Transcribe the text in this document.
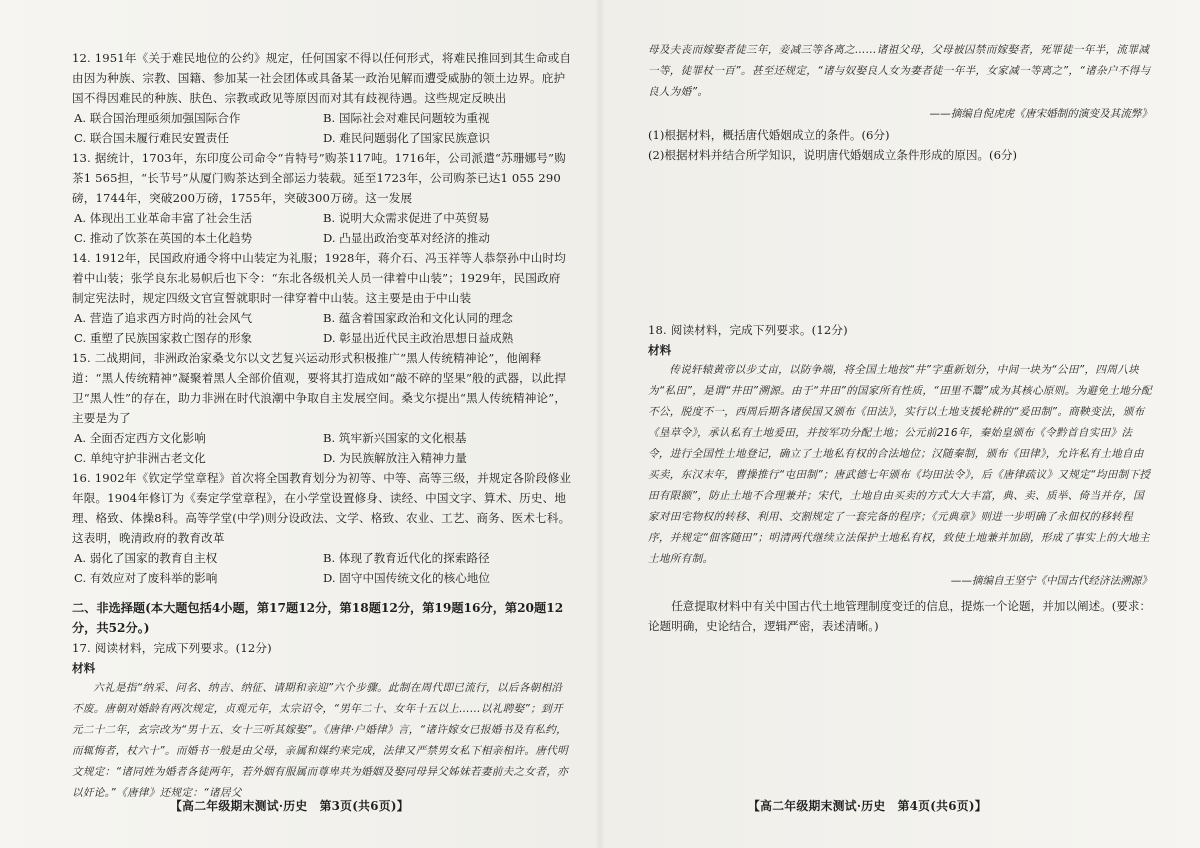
12. 1951年《关于难民地位的公约》规定，任何国家不得以任何形式，将难民推回到其生命或自由因为种族、宗教、国籍、参加某一社会团体或具备某一政治见解而遭受威胁的领土边界。庇护国不得因难民的种族、肤色、宗教或政见等原因而对其有歧视待遇。这些规定反映出
A. 联合国治理亟须加强国际合作	B. 国际社会对难民问题较为重视
C. 联合国未履行难民安置责任	D. 难民问题弱化了国家民族意识
13. 据统计，1703年，东印度公司命令“肯特号”购茶117吨。1716年，公司派遣“苏珊娜号”购茶1 565担，“长节号”从厦门购茶达到全部运力装载。延至1723年，公司购茶已达1 055 290磅，1744年，突破200万磅，1755年，突破300万磅。这一发展
A. 体现出工业革命丰富了社会生活	B. 说明大众需求促进了中英贸易
C. 推动了饮茶在英国的本土化趋势	D. 凸显出政治变革对经济的推动
14. 1912年，民国政府通令将中山装定为礼服；1928年，蒋介石、冯玉祥等人恭祭孙中山时均着中山装；张学良东北易帜后也下令：“东北各级机关人员一律着中山装”；1929年，民国政府制定宪法时，规定四级文官宣誓就职时一律穿着中山装。这主要是由于中山装
A. 营造了追求西方时尚的社会风气	B. 蕴含着国家政治和文化认同的理念
C. 重塑了民族国家救亡图存的形象	D. 彰显出近代民主政治思想日益成熟
15. 二战期间，非洲政治家桑戈尔以文艺复兴运动形式积极推广“黑人传统精神论”，他阐释道：“黑人传统精神”凝聚着黑人全部价值观，要将其打造成如“敲不碎的坚果”般的武器，以此捍卫“黑人性”的存在，助力非洲在时代浪潮中争取自主发展空间。桑戈尔提出“黑人传统精神论”，主要是为了
A. 全面否定西方文化影响	B. 筑牢新兴国家的文化根基
C. 单纯守护非洲古老文化	D. 为民族解放注入精神力量
16. 1902年《钦定学堂章程》首次将全国教育划分为初等、中等、高等三级，并规定各阶段修业年限。1904年修订为《奏定学堂章程》，在小学堂设置修身、读经、中国文字、算术、历史、地理、格致、体操8科。高等学堂(中学)则分设政法、文学、格致、农业、工艺、商务、医术七科。这表明，晚清政府的教育改革
A. 弱化了国家的教育自主权	B. 体现了教育近代化的探索路径
C. 有效应对了废科举的影响	D. 固守中国传统文化的核心地位
二、非选择题(本大题包括4小题，第17题12分，第18题12分，第19题16分，第20题12分，共52分。)
17. 阅读材料，完成下列要求。(12分)
材料
六礼是指“纳采、问名、纳吉、纳征、请期和亲迎”六个步骤。此制在周代即已流行，以后各朝相沿不废。唐朝对婚龄有两次规定，贞观元年，太宗诏令，“男年二十、女年十五以上……以礼聘娶”；到开元二十二年，玄宗改为“男十五、女十三听其嫁娶”。《唐律·户婚律》言，“诸许嫁女已报婚书及有私约，而辄悔者，杖六十”。而婚书一般是由父母，亲属和媒约来完成，法律又严禁男女私下相亲相许。唐代明文规定：“诸同姓为婚者各徒两年，若外姻有服属而尊卑共为婚姻及娶同母异父姊妹若妻前夫之女者，亦以奸论。”《唐律》还规定：“诸居父
【高二年级期末测试·历史　第3页(共6页)】
母及夫丧而嫁娶者徒三年，妾减三等各离之……诸祖父母，父母被囚禁而嫁娶者，死罪徒一年半，流罪减一等，徒罪杖一百”。甚至还规定，“诸与奴娶良人女为妻者徒一年半，女家减一等离之”，“诸杂户不得与良人为婚”。
——摘编自倪虎虎《唐宋婚制的演变及其流弊》
(1)根据材料，概括唐代婚姻成立的条件。(6分)
(2)根据材料并结合所学知识，说明唐代婚姻成立条件形成的原因。(6分)
18. 阅读材料，完成下列要求。(12分)
材料
传说轩辕黄帝以步丈亩，以防争端，将全国土地按“井”字重新划分，中间一块为“公田”，四周八块为“私田”，是谓“井田”溯源。由于“井田”的国家所有性质，“田里不鬻”成为其核心原则。为避免土地分配不公，脱度不一，西周后期各诸侯国又颁布《田法》，实行以土地支援轮耕的“爰田制”。商鞅变法，颁布《垦草令》，承认私有土地爰田，并按军功分配土地；公元前216年，秦始皇颁布《令黔首自实田》法令，进行全国性土地登记，确立了土地私有权的合法地位；汉随秦制，颁布《田律》，允许私有土地自由买卖，东汉末年，曹操推行“屯田制”；唐武德七年颁布《均田法令》，后《唐律疏议》又规定“均田制下授田有限额”，防止土地不合理兼并；宋代，土地自由买卖的方式大大丰富，典、卖、质举、倚当并存，国家对田宅物权的转移、利用、交割规定了一套完备的程序；《元典章》则进一步明确了永佃权的移转程序，并规定“佃客随田”；明清两代继续立法保护土地私有权，致使土地兼并加剧，形成了事实上的大地主土地所有制。
——摘编自王坚宁《中国古代经济法溯源》
任意提取材料中有关中国古代土地管理制度变迁的信息，提炼一个论题，并加以阐述。(要求：论题明确，史论结合，逻辑严密，表述清晰。)
【高二年级期末测试·历史　第4页(共6页)】
